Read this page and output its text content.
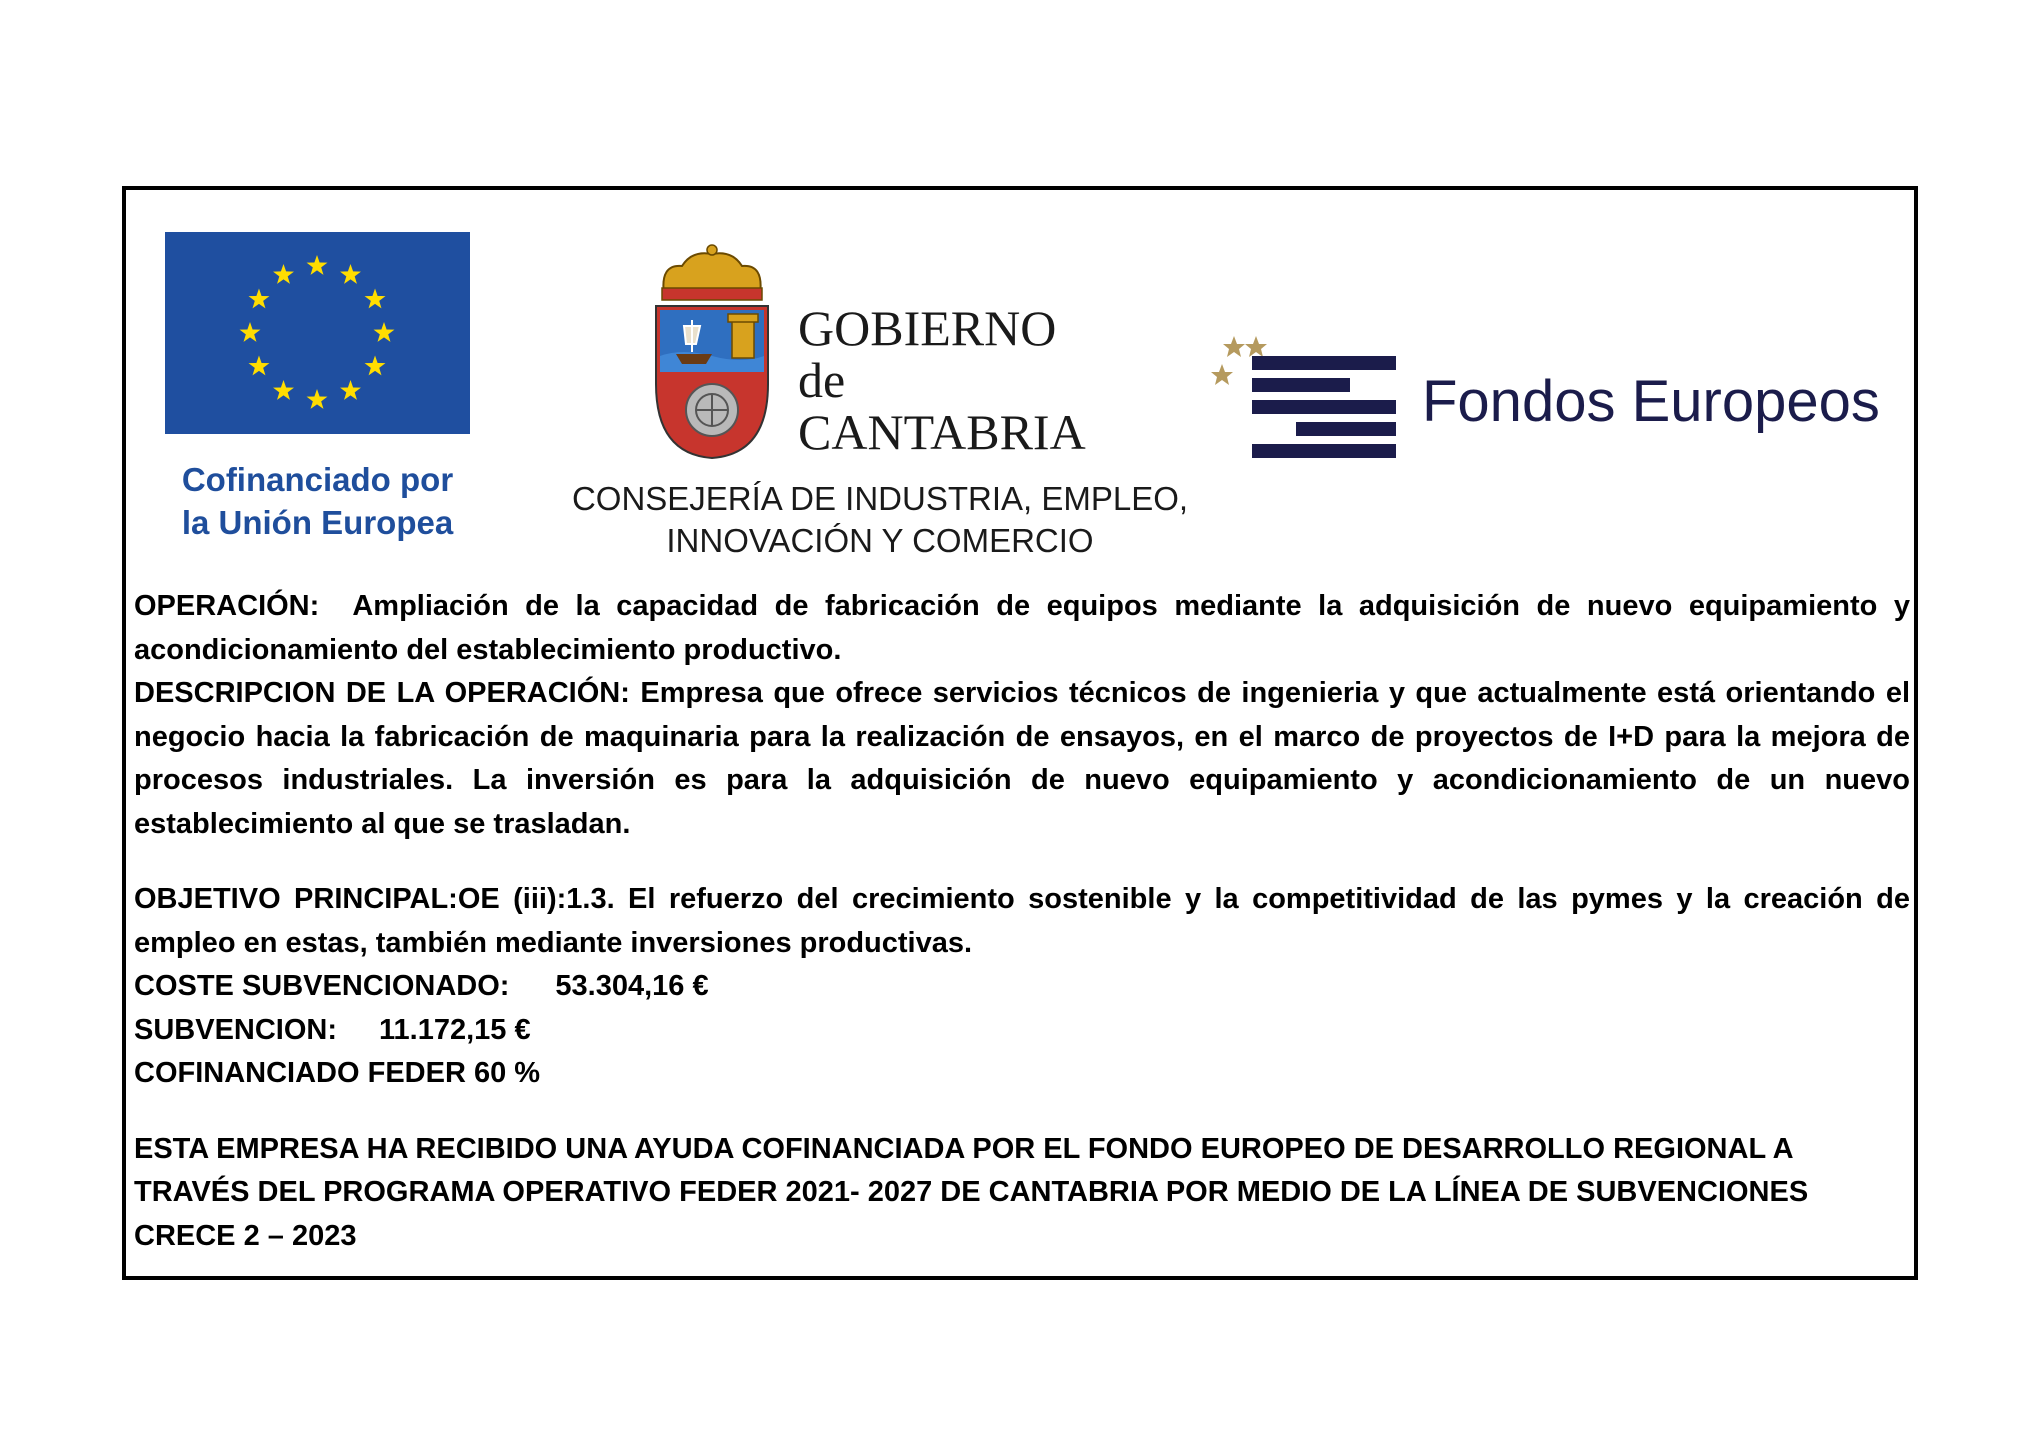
Cofinanciado por
la Unión Europea
GOBIERNO
de
CANTABRIA
CONSEJERÍA DE INDUSTRIA, EMPLEO,
INNOVACIÓN Y COMERCIO
Fondos Europeos

OPERACIÓN: Ampliación de la capacidad de fabricación de equipos mediante la adquisición de nuevo equipamiento y acondicionamiento del establecimiento productivo.

DESCRIPCION DE LA OPERACIÓN: Empresa que ofrece servicios técnicos de ingenieria y que actualmente está orientando el negocio hacia la fabricación de maquinaria para la realización de ensayos, en el marco de proyectos de I+D para la mejora de procesos industriales. La inversión es para la adquisición de nuevo equipamiento y acondicionamiento de un nuevo establecimiento al que se trasladan.

OBJETIVO PRINCIPAL:OE (iii):1.3. El refuerzo del crecimiento sostenible y la competitividad de las pymes y la creación de empleo en estas, también mediante inversiones productivas.

COSTE SUBVENCIONADO: 53.304,16 €

SUBVENCION: 11.172,15 €

COFINANCIADO FEDER 60 %

ESTA EMPRESA HA RECIBIDO UNA AYUDA COFINANCIADA POR EL FONDO EUROPEO DE DESARROLLO REGIONAL A TRAVÉS DEL PROGRAMA OPERATIVO FEDER 2021- 2027 DE CANTABRIA POR MEDIO DE LA LÍNEA DE SUBVENCIONES CRECE 2 – 2023
